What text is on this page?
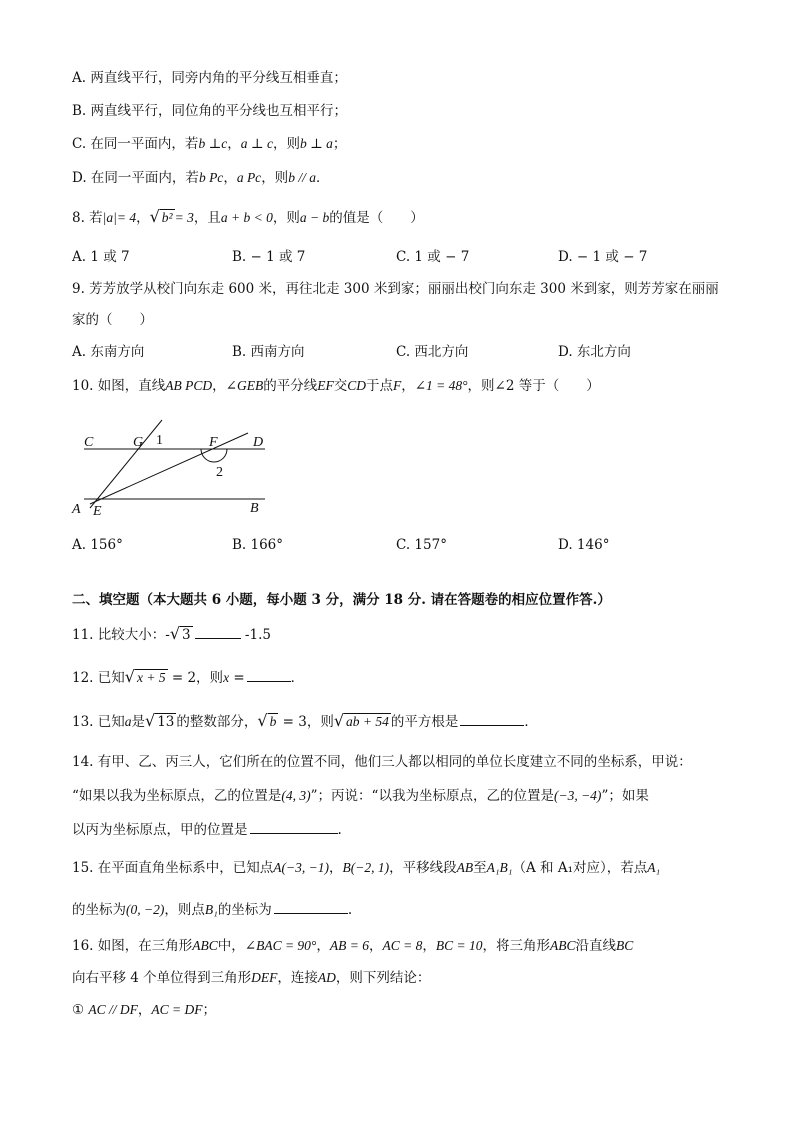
A. 两直线平行，同旁内角的平分线互相垂直；
B. 两直线平行，同位角的平分线也互相平行；
C. 在同一平面内，若b ⊥c，a ⊥ c，则b ⊥ a；
D. 在同一平面内，若b Pc，a Pc，则b // a．
8. 若|a|= 4，√ b² = 3，且a + b < 0，则a − b的值是（　　）
A. 1 或 7	B. − 1 或 7	C. 1 或 − 7	D. − 1 或 − 7
9. 芳芳放学从校门向东走 600 米，再往北走 300 米到家；丽丽出校门向东走 300 米到家，则芳芳家在丽丽
家的（　　）
A. 东南方向	B. 西南方向	C. 西北方向	D. 东北方向
10. 如图，直线AB PCD，∠GEB的平分线EF交CD于点F，∠1 = 48°，则∠2 等于（　　）
C	G 1	F	D
2
A E	B
A. 156°	B. 166°	C. 157°	D. 146°
二、填空题（本大题共 6 小题，每小题 3 分，满分 18 分. 请在答题卷的相应位置作答.）
11. 比较大小：-√ 3	-1.5
12. 已知√ x + 5 = 2，则x =	．
13. 已知a是√ 13 的整数部分，√ b = 3，则√ ab + 54 的平方根是	．
14. 有甲、乙、丙三人，它们所在的位置不同，他们三人都以相同的单位长度建立不同的坐标系，甲说：
“如果以我为坐标原点，乙的位置是(4, 3)”；丙说：“以我为坐标原点，乙的位置是(−3, −4)”；如果
以丙为坐标原点，甲的位置是	.
15. 在平面直角坐标系中，已知点A(−3, −1)，B(−2, 1)，平移线段AB至A₁B₁（A 和 A₁对应），若点A₁
的坐标为(0, −2)，则点B₁的坐标为	.
16. 如图，在三角形ABC中，∠BAC = 90°，AB = 6，AC = 8，BC = 10，将三角形ABC沿直线BC
向右平移 4 个单位得到三角形DEF，连接AD，则下列结论：
① AC // DF，AC = DF；
